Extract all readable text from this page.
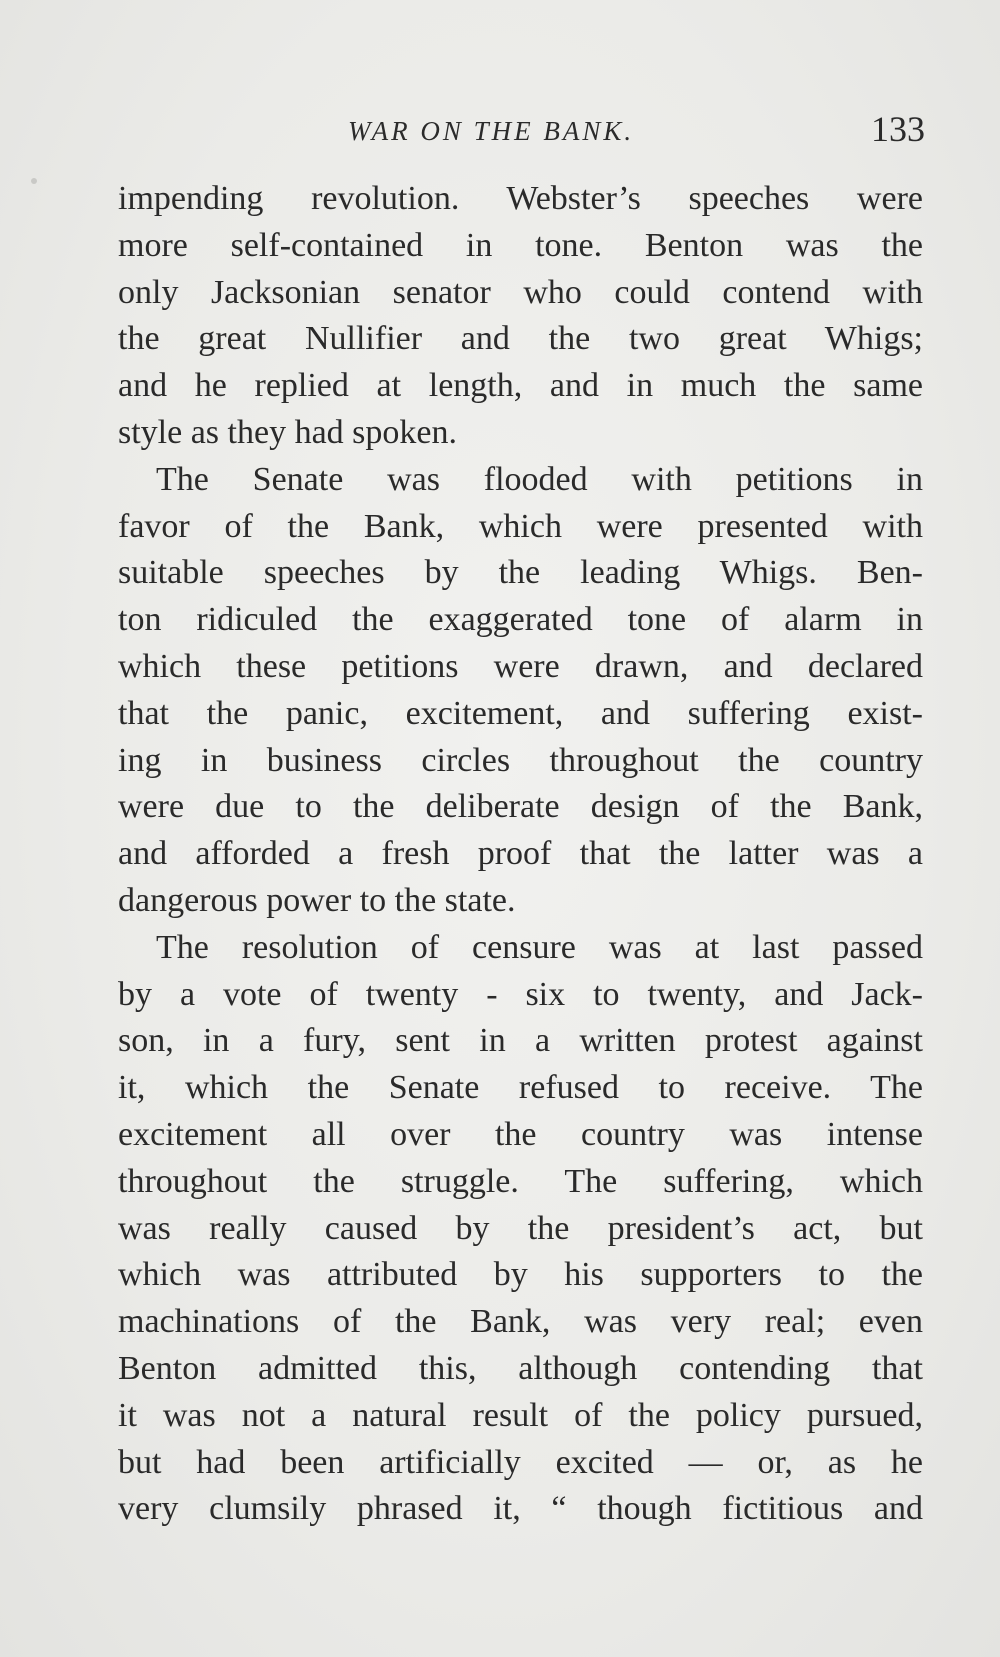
WAR ON THE BANK.	133
impending revolution. Webster’s speeches were
more self-contained in tone. Benton was the
only Jacksonian senator who could contend with
the great Nullifier and the two great Whigs;
and he replied at length, and in much the same
style as they had spoken.
The Senate was flooded with petitions in
favor of the Bank, which were presented with
suitable speeches by the leading Whigs. Ben-
ton ridiculed the exaggerated tone of alarm in
which these petitions were drawn, and declared
that the panic, excitement, and suffering exist-
ing in business circles throughout the country
were due to the deliberate design of the Bank,
and afforded a fresh proof that the latter was a
dangerous power to the state.
The resolution of censure was at last passed
by a vote of twenty - six to twenty, and Jack-
son, in a fury, sent in a written protest against
it, which the Senate refused to receive. The
excitement all over the country was intense
throughout the struggle. The suffering, which
was really caused by the president’s act, but
which was attributed by his supporters to the
machinations of the Bank, was very real; even
Benton admitted this, although contending that
it was not a natural result of the policy pursued,
but had been artificially excited — or, as he
very clumsily phrased it, “ though fictitious and
